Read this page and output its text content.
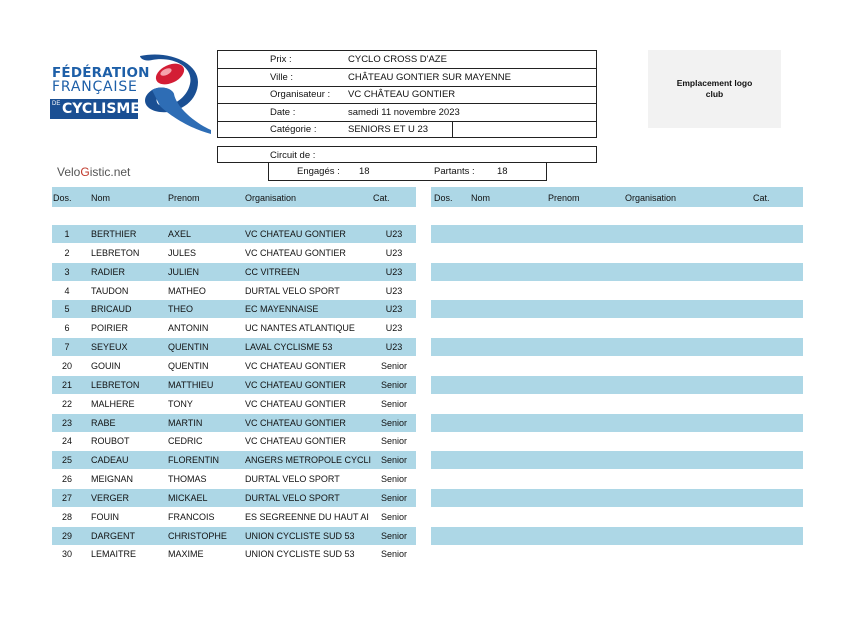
FÉDÉRATION
FRANÇAISE
DE CYCLISME
Prix :	CYCLO CROSS D'AZE
Ville :	CHÂTEAU GONTIER SUR MAYENNE
Organisateur : VC CHÂTEAU GONTIER
Date :	samedi 11 novembre 2023
Catégorie :	SENIORS ET U 23
Circuit de :
Engagés : 18	Partants : 18
Emplacement logo club
VeloGistic.net
Dos. Nom	Prenom	Organisation	Cat.	Dos. Nom	Prenom	Organisation	Cat.
1	BERTHIER	AXEL	VC CHATEAU GONTIER	U23
2	LEBRETON	JULES	VC CHATEAU GONTIER	U23
3	RADIER	JULIEN	CC VITREEN	U23
4	TAUDON	MATHEO	DURTAL VELO SPORT	U23
5	BRICAUD	THEO	EC MAYENNAISE	U23
6	POIRIER	ANTONIN	UC NANTES ATLANTIQUE	U23
7	SEYEUX	QUENTIN	LAVAL CYCLISME 53	U23
20	GOUIN	QUENTIN	VC CHATEAU GONTIER	Senior
21	LEBRETON	MATTHIEU	VC CHATEAU GONTIER	Senior
22	MALHERE	TONY	VC CHATEAU GONTIER	Senior
23	RABE	MARTIN	VC CHATEAU GONTIER	Senior
24	ROUBOT	CEDRIC	VC CHATEAU GONTIER	Senior
25	CADEAU	FLORENTIN	ANGERS METROPOLE CYCLI	Senior
26	MEIGNAN	THOMAS	DURTAL VELO SPORT	Senior
27	VERGER	MICKAEL	DURTAL VELO SPORT	Senior
28	FOUIN	FRANCOIS	ES SEGREENNE DU HAUT AI	Senior
29	DARGENT	CHRISTOPHE	UNION CYCLISTE SUD 53	Senior
30	LEMAITRE	MAXIME	UNION CYCLISTE SUD 53	Senior
